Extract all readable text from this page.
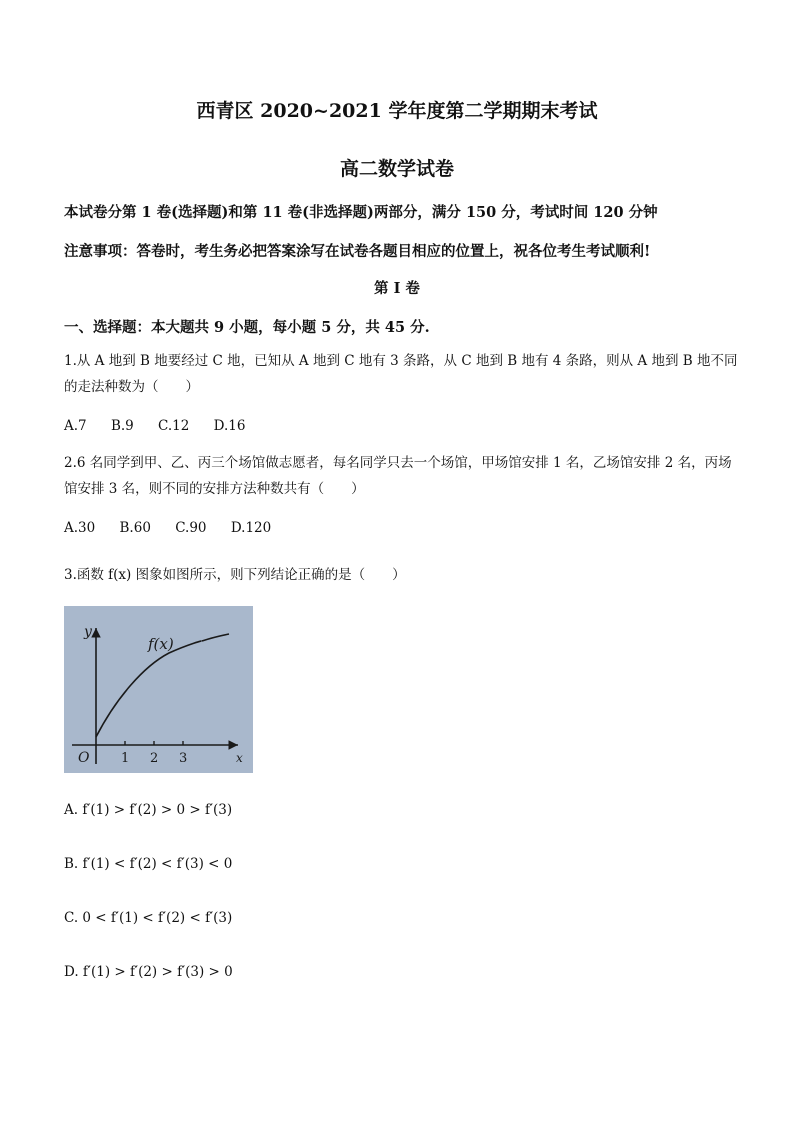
西青区 2020~2021 学年度第二学期期末考试
高二数学试卷
本试卷分第 1 卷(选择题)和第 11 卷(非选择题)两部分，满分 150 分，考试时间 120 分钟
注意事项：答卷时，考生务必把答案涂写在试卷各题目相应的位置上，祝各位考生考试顺利!
第 I 卷
一、选择题：本大题共 9 小题，每小题 5 分，共 45 分.
1.从 A 地到 B 地要经过 C 地，已知从 A 地到 C 地有 3 条路，从 C 地到 B 地有 4 条路，则从 A 地到 B 地不同
的走法种数为（　　）
A.7 B.9 C.12 D.16
2.6 名同学到甲、乙、丙三个场馆做志愿者，每名同学只去一个场馆，甲场馆安排 1 名，乙场馆安排 2 名，丙场
馆安排 3 名，则不同的安排方法种数共有（　　）
A.30 B.60 C.90 D.120
3.函数 f(x) 图象如图所示，则下列结论正确的是（　　）
y
x
O
f(x)
1 2 3
A. f′(1) > f′(2) > 0 > f′(3)
B. f′(1) < f′(2) < f′(3) < 0
C. 0 < f′(1) < f′(2) < f′(3)
D. f′(1) > f′(2) > f′(3) > 0
